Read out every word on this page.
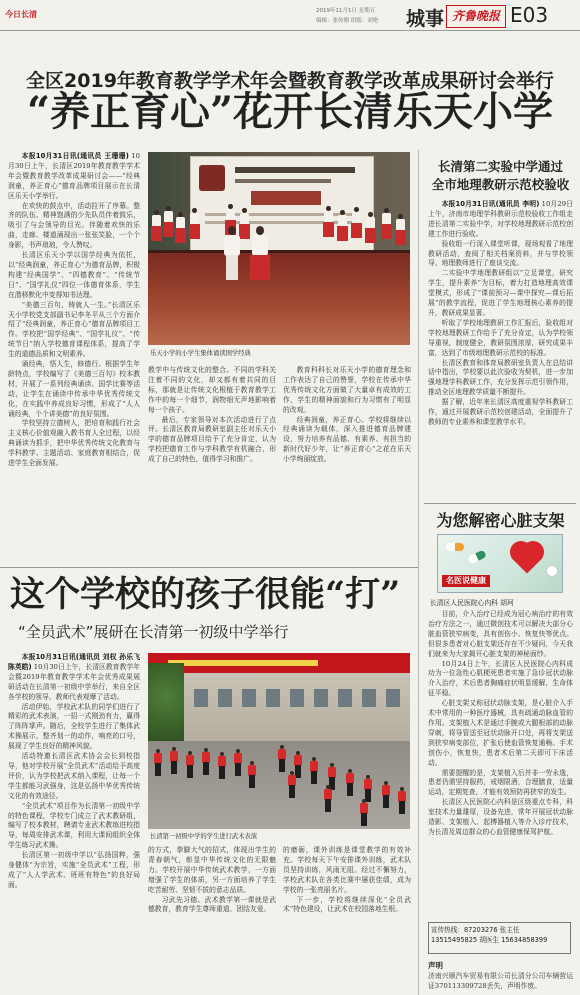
今日长清	2019年11月1日 星期五
编辑：张传刚 组版：刘艳 城事 齐鲁晚报 E03
全区2019年教育教学学术年会暨教育教学改革成果研讨会举行
“养正育心”花开长清乐天小学

本报10月31日讯(通讯员 王珊珊) 10月30日上午，长清区2019年教育教学学术年会暨教育教学改革成果研讨会——“经典润童，养正育心”德育品牌项目展示在长清区乐天小学举行。

在欢快的鼓点中，活动拉开了序幕。整齐的队伍、精神饱满的少先队员伴着鼓乐，吸引了与会领导的目光。伴随着欢快的乐曲，走廊、楼道涌现出一张张笑脸，一个个身影，书声琅琅，令人赞叹。

长清区乐天小学以国学经典为依托，以“经典润童，养正育心”为德育品牌，积极构建“经典国学”、“四德教育”、“传统节日”、“国学礼仪”四位一体德育体系，学生在潜移默化中变得知书达理。

“美德三百句，铸就人一生。”长清区乐天小学校党支部副书记李冬平从三个方面介绍了“经典润童，养正育心”德育品牌项目工作。学校把“国学经典”、“国学礼仪”、“传统节日”纳入学校德育课程体系，提高了学生的道德品质和文明素养。

诵经典，悟人生，修德行。根据学生年龄特点，学校编写了《美德三百句》校本教材，开展了一系列经典诵读、国学比赛等活动，让学生在诵读中传承中华优秀传统文化，在实践中养成良好习惯，形成了“人人诵经典，个个讲美德”的良好氛围。

学校坚持立德树人，把培育和践行社会主义核心价值观融入教书育人全过程，以经典诵读为抓手，把中华优秀传统文化教育与学科教学、主题活动、家庭教育相结合，促进学生全面发展。

乐天小学的小学生集体诵读国学经典

教学中与传统文化的整合。不同的学科关注着不同的文化，却又都有着共同的目标，那就是让传统文化根植于教育教学工作中的每一个细节，润物细无声地影响着每一个孩子。

最后，专家领导对本次活动进行了点评。长清区教育局教研室副主任对乐天小学的德育品牌项目给予了充分肯定，认为学校把德育工作与学科教学有机融合，形成了自己的特色，值得学习和推广。

教育科科长对乐天小学的德育理念和工作表达了自己的赞誉，学校在传承中华优秀传统文化方面做了大量卓有成效的工作，学生的精神面貌和行为习惯有了明显的改观。

经典润童，养正育心。学校将继续以经典诵读为载体，深入推进德育品牌建设，努力培养有品德、有素养、有担当的新时代好少年，让“养正育心”之花在乐天小学绚丽绽放。

长清第二实验中学通过
全市地理教研示范校验收

本报10月31日讯(通讯员 李明) 10月29日上午，济南市地理学科教研示范校验收工作组走进长清第二实验中学，对学校地理教研示范校创建工作进行验收。

验收组一行深入课堂听课，现场观看了地理教研活动，查阅了相关档案资料，并与学校领导、地理教师进行了座谈交流。

二实验中学地理教研组以“立足课堂，研究学生，提升素养”为目标，着力打造地理高效课堂模式，形成了“课前预习—课中探究—课后拓展”的教学流程，促进了学生地理核心素养的提升，教研成果显著。

听取了学校地理教研工作汇报后，验收组对学校地理教研工作给予了充分肯定，认为学校领导重视，制度健全，教研氛围浓厚，研究成果丰富，达到了市级地理教研示范校的标准。

长清区教育和体育局教研室负责人在总结讲话中指出，学校要以此次验收为契机，进一步加强地理学科教研工作，充分发挥示范引领作用，推动全区地理教学质量不断提升。

据了解，近年来长清区高度重视学科教研工作，通过开展教研示范校创建活动，全面提升了教师的专业素养和课堂教学水平。

为您解密心脏支架
名医说健康
长清区人民医院心内科 胡珂

目前，介入治疗已经成为冠心病治疗的有效治疗方法之一，通过微创技术可以解决大部分心脏血管狭窄病变，具有创伤小、恢复快等优点。但很多患者对心脏支架还存在不少疑问，今天我们就来为大家揭开心脏支架的神秘面纱。

10月24日上午，长清区人民医院心内科成功为一位急性心肌梗死患者实施了急诊冠状动脉介入治疗，术后患者胸痛症状明显缓解，生命体征平稳。

心脏支架又称冠状动脉支架，是心脏介入手术中常用的一种医疗器械，具有疏通动脉血管的作用。支架植入术是通过手腕或大腿根部的动脉穿刺，将导管送至冠状动脉开口处，再将支架送到狭窄病变部位，扩张后使血管恢复通畅。手术创伤小，恢复快，患者术后第二天即可下床活动。

需要提醒的是，支架植入后并非一劳永逸，患者仍需坚持服药，戒烟限酒，合理膳食，适量运动，定期复查，才能有效预防再狭窄的发生。

长清区人民医院心内科是区级重点专科，科室技术力量雄厚，设备先进，常年开展冠状动脉造影、支架植入、起搏器植入等介入诊疗技术，为长清及周边群众的心血管健康保驾护航。

宣传热线：87203276 张主任
13515495825 胡医生 15634858399
声明

济南兴顺汽车贸易有限公司长清分公司车辆营运证370113309728丢失，声明作废。

这个学校的孩子很能“打”
“全员武术”展研在长清第一初级中学举行

本报10月31日讯(通讯员 刘权 孙乐飞 陈英皓) 10月30日上午，长清区教育教学年会暨2019年教育教学学术年会优秀成果展研活动在长清第一初级中学举行，来自全区各学校的领导、教师代表观摩了活动。

活动伊始，学校武术队的同学们进行了精彩的武术表演，一招一式刚劲有力，赢得了阵阵掌声。随后，全校学生进行了集体武术操展示，整齐划一的动作，响亮的口号，展现了学生良好的精神风貌。

活动特邀长清区武术协会会长到校指导，他对学校开展“全员武术”活动给予高度评价，认为学校把武术纳入课程，让每一个学生都能习武强身，这是弘扬中华优秀传统文化的有效途径。

“全员武术”项目作为长清第一初级中学的特色课程，学校专门成立了武术教研组，编写了校本教材，聘请专业武术教练进校指导，每周安排武术课，利用大课间组织全体学生练习武术操。

长清区第一初级中学以“弘扬国粹，强身健体”为宗旨，实施“全员武术”工程，形成了“人人学武术、班班有特色”的良好局面。

长清第一初级中学的学生进行武术表演

的方式，拳脚大气的招式，体现出学生的青春朝气，彰显中华传统文化的无限魅力。学校开展中华传统武术教学，一方面增强了学生的体质，另一方面培养了学生吃苦耐劳、坚韧不拔的意志品质。

习武先习德。武术教学第一课就是武德教育，教育学生尊师重道、团结友爱。

的磨砺，课外训练是课堂教学的有效补充。学校每天下午安排课外训练，武术队员坚持训练，风雨无阻。经过不懈努力，学校武术队在各类比赛中屡获佳绩，成为学校的一张亮丽名片。

下一步，学校将继续深化“全员武术”特色建设，让武术在校园落地生根。
